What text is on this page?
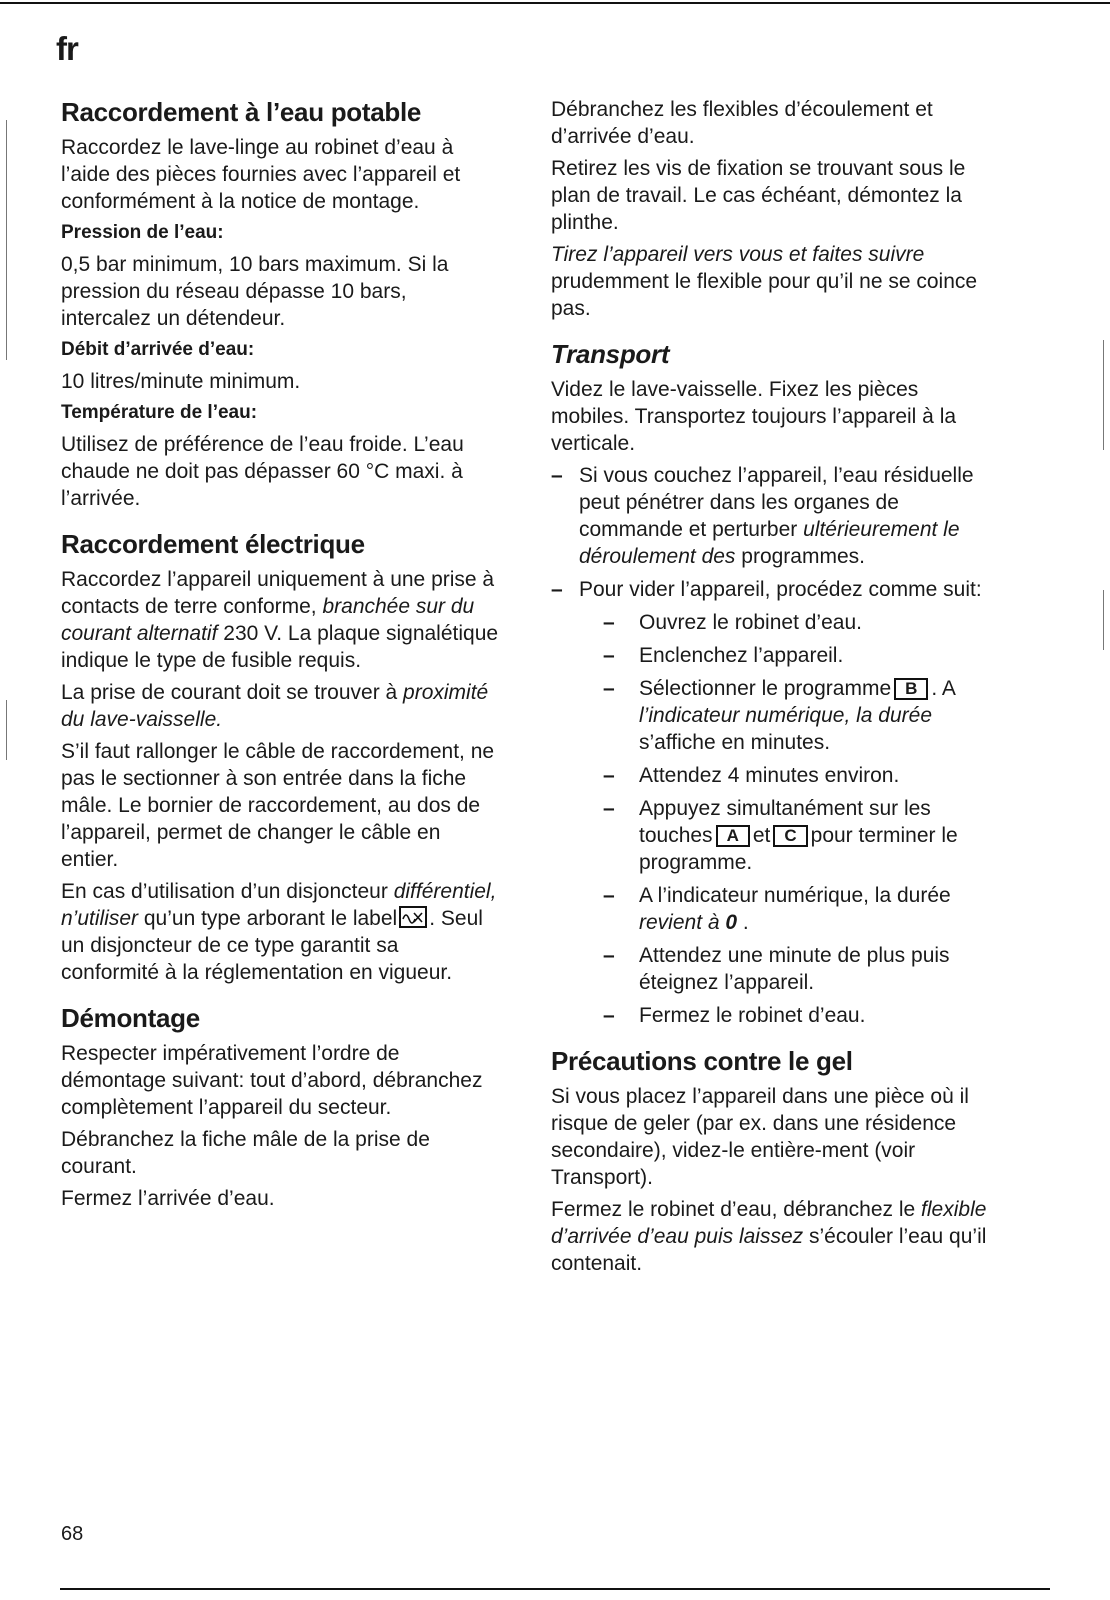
fr
Raccordement à l’eau potable

Raccordez le lave-linge au robinet d’eau à l’aide des pièces fournies avec l’appareil et conformément à la notice de montage.

Pression de l’eau:

0,5 bar minimum, 10 bars maximum. Si la pression du réseau dépasse 10 bars, intercalez un détendeur.

Débit d’arrivée d’eau:

10 litres/minute minimum.

Température de l’eau:

Utilisez de préférence de l’eau froide. L’eau chaude ne doit pas dépasser 60 °C maxi. à l’arrivée.

Raccordement électrique

Raccordez l’appareil uniquement à une prise à contacts de terre conforme, branchée sur du courant alternatif 230 V. La plaque signalétique indique le type de fusible requis.

La prise de courant doit se trouver à proximité du lave-vaisselle.

S’il faut rallonger le câble de raccordement, ne pas le sectionner à son entrée dans la fiche mâle. Le bornier de raccordement, au dos de l’appareil, permet de changer le câble en entier.

En cas d’utilisation d’un disjoncteur différentiel, n’utiliser qu’un type arborant le label . Seul un disjoncteur de ce type garantit sa conformité à la réglementation en vigueur.

Démontage

Respecter impérativement l’ordre de démontage suivant: tout d’abord, débranchez complètement l’appareil du secteur.

Débranchez la fiche mâle de la prise de courant.

Fermez l’arrivée d’eau.

Débranchez les flexibles d’écoulement et d’arrivée d’eau.

Retirez les vis de fixation se trouvant sous le plan de travail. Le cas échéant, démontez la plinthe.

Tirez l’appareil vers vous et faites suivre prudemment le flexible pour qu’il ne se coince pas.

Transport

Videz le lave-vaisselle. Fixez les pièces mobiles. Transportez toujours l’appareil à la verticale.

– Si vous couchez l’appareil, l’eau résiduelle peut pénétrer dans les organes de commande et perturber ultérieurement le déroulement des programmes.
– Pour vider l’appareil, procédez comme suit:
– Ouvrez le robinet d’eau.
– Enclenchez l’appareil.
– Sélectionner le programme B . A l’indicateur numérique, la durée s’affiche en minutes.
– Attendez 4 minutes environ.
– Appuyez simultanément sur les touches A et C pour terminer le programme.
– A l’indicateur numérique, la durée revient à 0 .
– Attendez une minute de plus puis éteignez l’appareil.
– Fermez le robinet d’eau.
Précautions contre le gel

Si vous placez l’appareil dans une pièce où il risque de geler (par ex. dans une résidence secondaire), videz-le entière-ment (voir Transport).

Fermez le robinet d’eau, débranchez le flexible d’arrivée d’eau puis laissez s’écouler l’eau qu’il contenait.

68
